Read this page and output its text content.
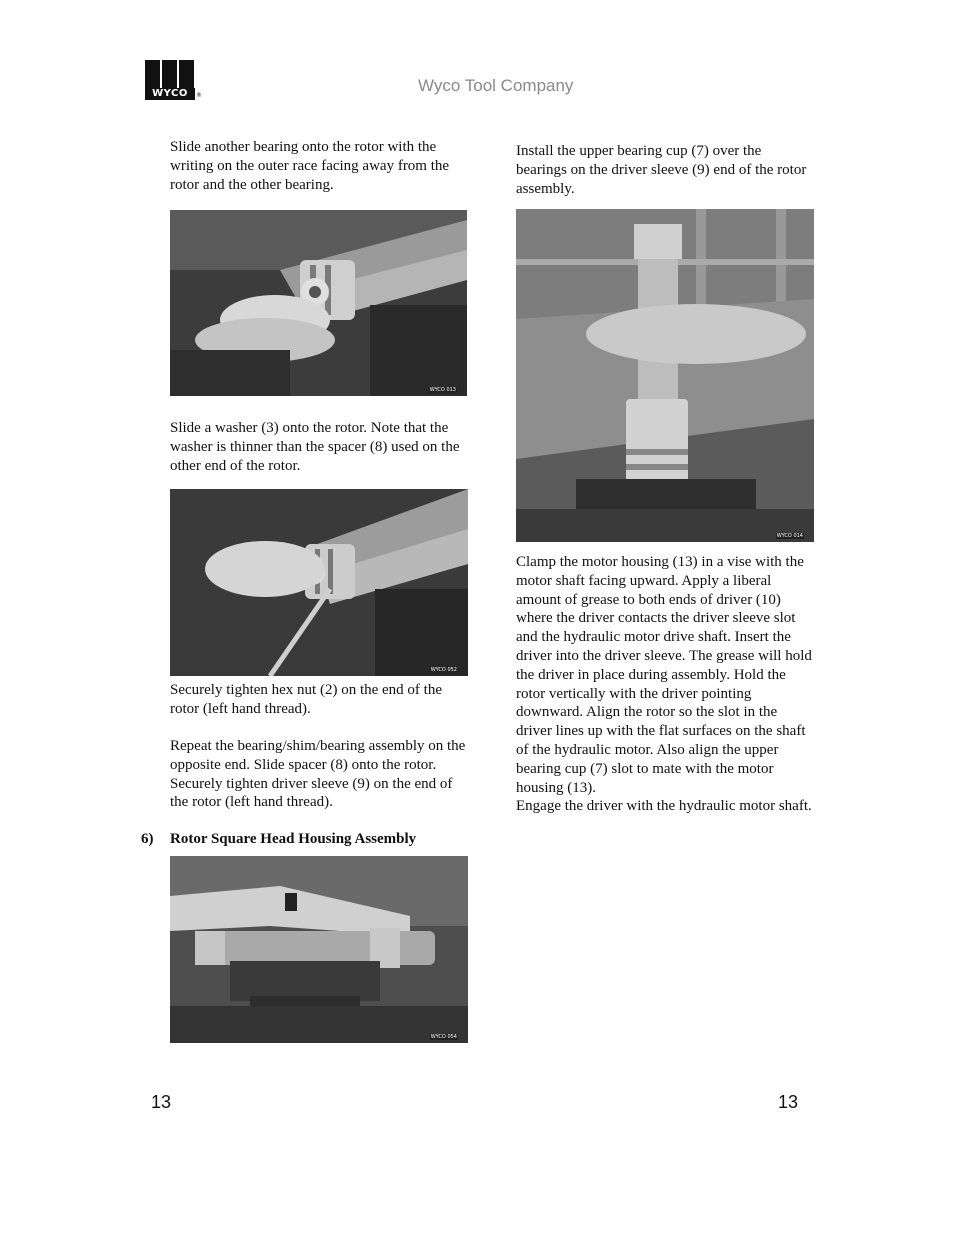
WYCO	®
Wyco Tool Company

Slide another bearing onto the rotor with the writing on the outer race facing away from the rotor and the other bearing.

WYCO 013

Slide a washer (3) onto the rotor. Note that the washer is thinner than the spacer (8) used on the other end of the rotor.

WYCO 052

Securely tighten hex nut (2) on the end of the rotor (left hand thread).

Repeat the bearing/shim/bearing assembly on the opposite end. Slide spacer (8) onto the rotor. Securely tighten driver sleeve (9) on the end of the rotor (left hand thread).

6) Rotor Square Head Housing Assembly
WYCO 054

Install the upper bearing cup (7) over the bearings on the driver sleeve (9) end of the rotor assembly.

WYCO 014

Clamp the motor housing (13) in a vise with the motor shaft facing upward. Apply a liberal amount of grease to both ends of driver (10) where the driver contacts the driver sleeve slot and the hydraulic motor drive shaft. Insert the driver into the driver sleeve. The grease will hold the driver in place during assembly. Hold the rotor vertically with the driver pointing downward. Align the rotor so the slot in the driver lines up with the flat surfaces on the shaft of the hydraulic motor. Also align the upper bearing cup (7) slot to mate with the motor housing (13).

Engage the driver with the hydraulic motor shaft.

13	13
